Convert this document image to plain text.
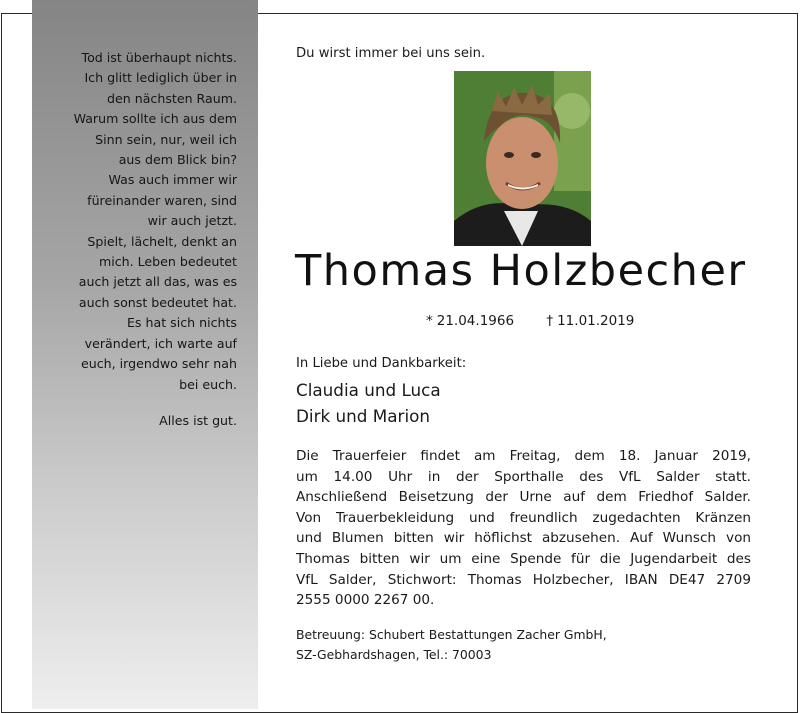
Tod ist überhaupt nichts.
Ich glitt lediglich über in
den nächsten Raum.
Warum sollte ich aus dem
Sinn sein, nur, weil ich
aus dem Blick bin?
Was auch immer wir
füreinander waren, sind
wir auch jetzt.
Spielt, lächelt, denkt an
mich. Leben bedeutet
auch jetzt all das, was es
auch sonst bedeutet hat.
Es hat sich nichts
verändert, ich warte auf
euch, irgendwo sehr nah
bei euch.
Alles ist gut.
Du wirst immer bei uns sein.
Thomas Holzbecher
* 21.04.1966 † 11.01.2019
In Liebe und Dankbarkeit:
Claudia und Luca
Dirk und Marion
Die Trauerfeier findet am Freitag, dem 18. Januar 2019,
um 14.00 Uhr in der Sporthalle des VfL Salder statt.
Anschließend Beisetzung der Urne auf dem Friedhof Salder.
Von Trauerbekleidung und freundlich zugedachten Kränzen
und Blumen bitten wir höflichst abzusehen. Auf Wunsch von
Thomas bitten wir um eine Spende für die Jugendarbeit des
VfL Salder, Stichwort: Thomas Holzbecher, IBAN DE47 2709
2555 0000 2267 00.
Betreuung: Schubert Bestattungen Zacher GmbH,
SZ-Gebhardshagen, Tel.: 70003
